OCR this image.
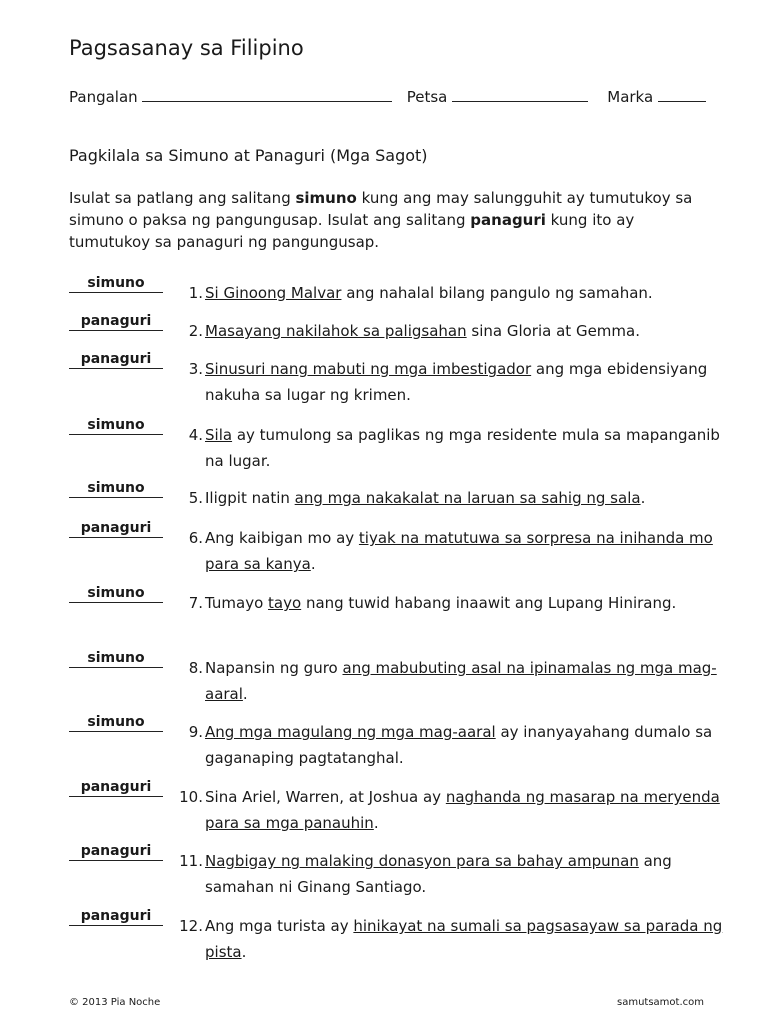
Pagsasanay sa Filipino
Pangalan	Petsa	Marka
Pagkilala sa Simuno at Panaguri (Mga Sagot)
Isulat sa patlang ang salitang simuno kung ang may salungguhit ay tumutukoy sa simuno o paksa ng pangungusap. Isulat ang salitang panaguri kung ito ay tumutukoy sa panaguri ng pangungusap.
simuno
1. Si Ginoong Malvar ang nahalal bilang pangulo ng samahan.
panaguri
2. Masayang nakilahok sa paligsahan sina Gloria at Gemma.
panaguri
3. Sinusuri nang mabuti ng mga imbestigador ang mga ebidensiyang nakuha sa lugar ng krimen.
simuno
4. Sila ay tumulong sa paglikas ng mga residente mula sa mapanganib na lugar.
simuno
5. Iligpit natin ang mga nakakalat na laruan sa sahig ng sala.
panaguri
6. Ang kaibigan mo ay tiyak na matutuwa sa sorpresa na inihanda mo para sa kanya.
simuno
7. Tumayo tayo nang tuwid habang inaawit ang Lupang Hinirang.
simuno
8. Napansin ng guro ang mabubuting asal na ipinamalas ng mga mag-aaral.
simuno
9. Ang mga magulang ng mga mag-aaral ay inanyayahang dumalo sa gaganaping pagtatanghal.
panaguri
10. Sina Ariel, Warren, at Joshua ay naghanda ng masarap na meryenda para sa mga panauhin.
panaguri
11. Nagbigay ng malaking donasyon para sa bahay ampunan ang samahan ni Ginang Santiago.
panaguri
12. Ang mga turista ay hinikayat na sumali sa pagsasayaw sa parada ng pista.
© 2013 Pia Noche	samutsamot.com
